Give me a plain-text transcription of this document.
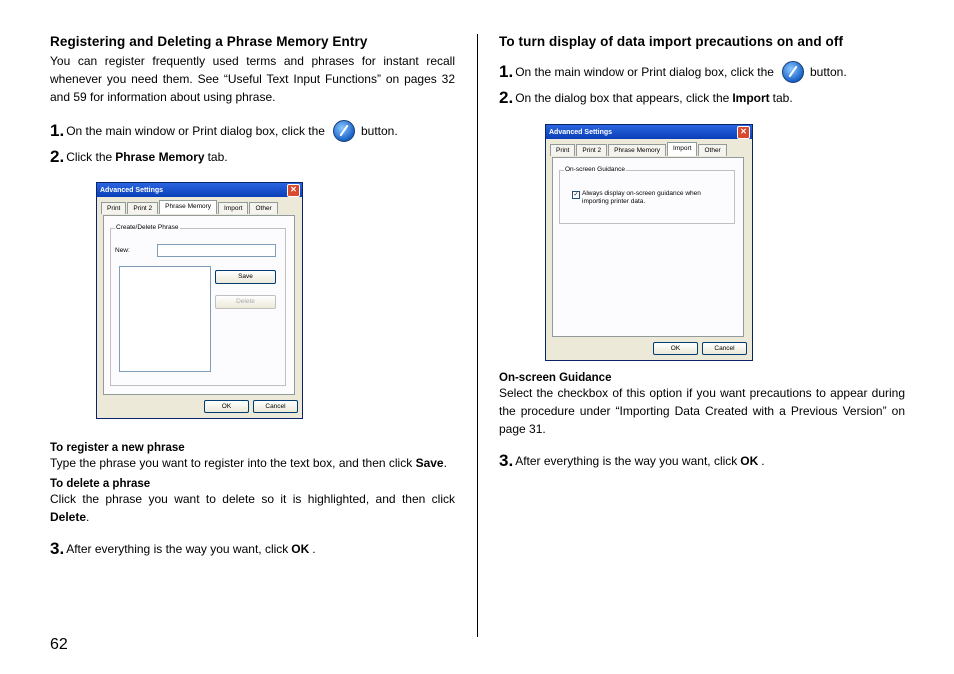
Registering and Deleting a Phrase Memory Entry

You can register frequently used terms and phrases for instant recall whenever you need them. See “Useful Text Input Functions” on pages 32 and 59 for information about using phrase.

1. On the main window or Print dialog box, click the	button.
2. Click the Phrase Memory tab.
Advanced Settings	✕
Print	Print 2	Phrase Memory	Import	Other
Create/Delete Phrase
New:
Save
Delete
OK	Cancel

To register a new phrase

Type the phrase you want to register into the text box, and then click Save.

To delete a phrase

Click the phrase you want to delete so it is highlighted, and then click Delete.

3. After everything is the way you want, click OK .
To turn display of data import precautions on and off
1. On the main window or Print dialog box, click the	button.
2. On the dialog box that appears, click the Import tab.
Advanced Settings	✕
Print	Print 2	Phrase Memory	Import	Other
On-screen Guidance
✓ Always display on-screen guidance when importing printer data.
OK	Cancel

On-screen Guidance

Select the checkbox of this option if you want precautions to appear during the procedure under “Importing Data Created with a Previous Version” on page 31.

3. After everything is the way you want, click OK .
62
